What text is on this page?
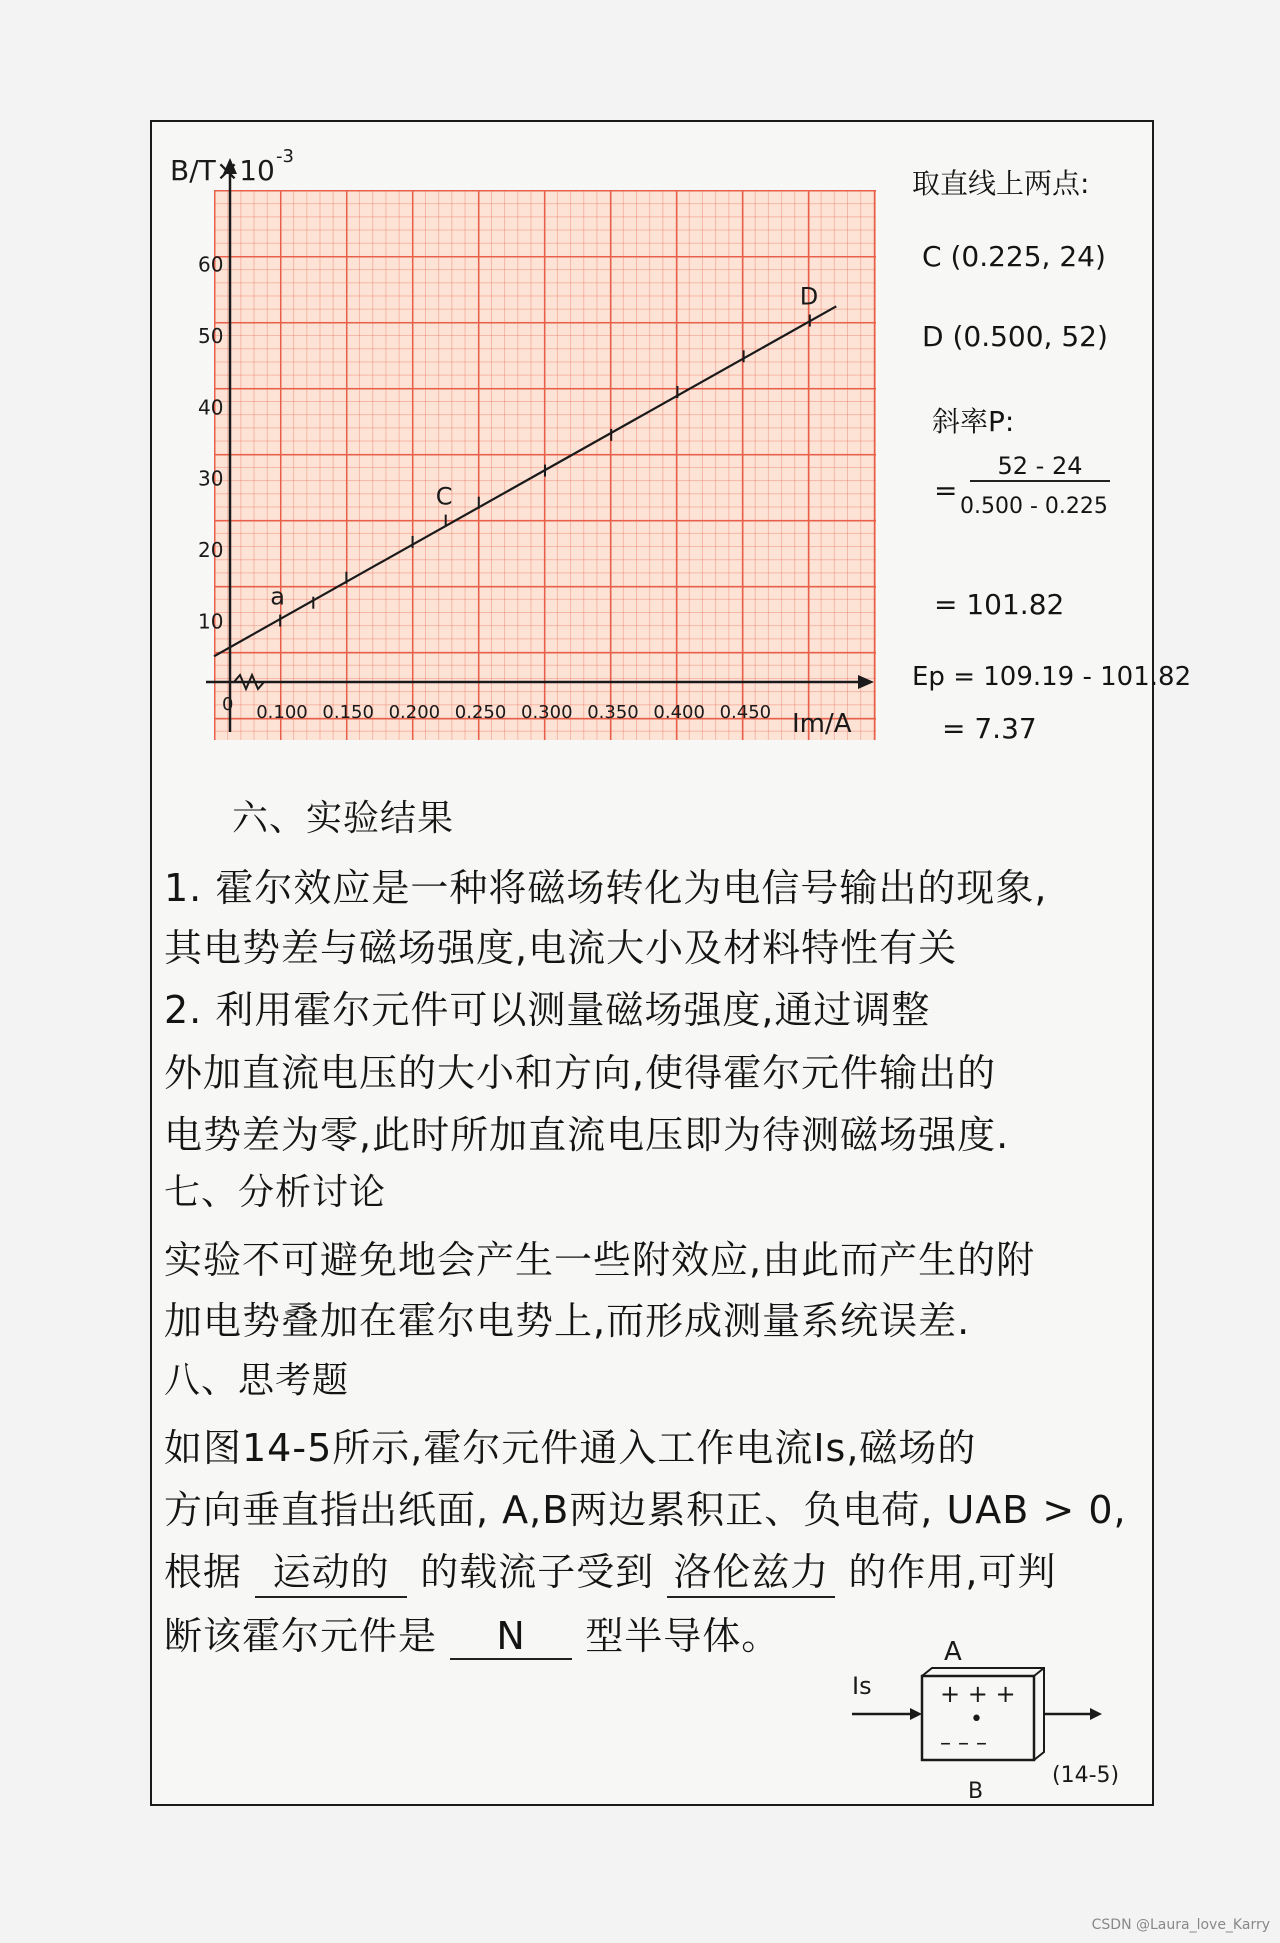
10
20
30
40
50
60
0.100 0.150 0.200 0.250 0.300 0.350 0.400 0.450
0
a
C
D
B/T×10 -3
Im/A
取直线上两点:
C (0.225, 24)
D (0.500, 52)
斜率P:
=
52 - 24
0.500 - 0.225
= 101.82
Ep = 109.19 - 101.82
= 7.37
六、实验结果
1. 霍尔效应是一种将磁场转化为电信号输出的现象,
其电势差与磁场强度,电流大小及材料特性有关
2. 利用霍尔元件可以测量磁场强度,通过调整
外加直流电压的大小和方向,使得霍尔元件输出的
电势差为零,此时所加直流电压即为待测磁场强度.
七、分析讨论
实验不可避免地会产生一些附效应,由此而产生的附
加电势叠加在霍尔电势上,而形成测量系统误差.
八、思考题
如图14-5所示,霍尔元件通入工作电流Is,磁场的
方向垂直指出纸面, A,B两边累积正、负电荷, UAB > 0,
根据 运动的 的载流子受到 洛伦兹力 的作用,可判
断该霍尔元件是 N 型半导体。	A
Is	+ + +
•
– – –
B
(14-5)
CSDN @Laura_love_Karry
